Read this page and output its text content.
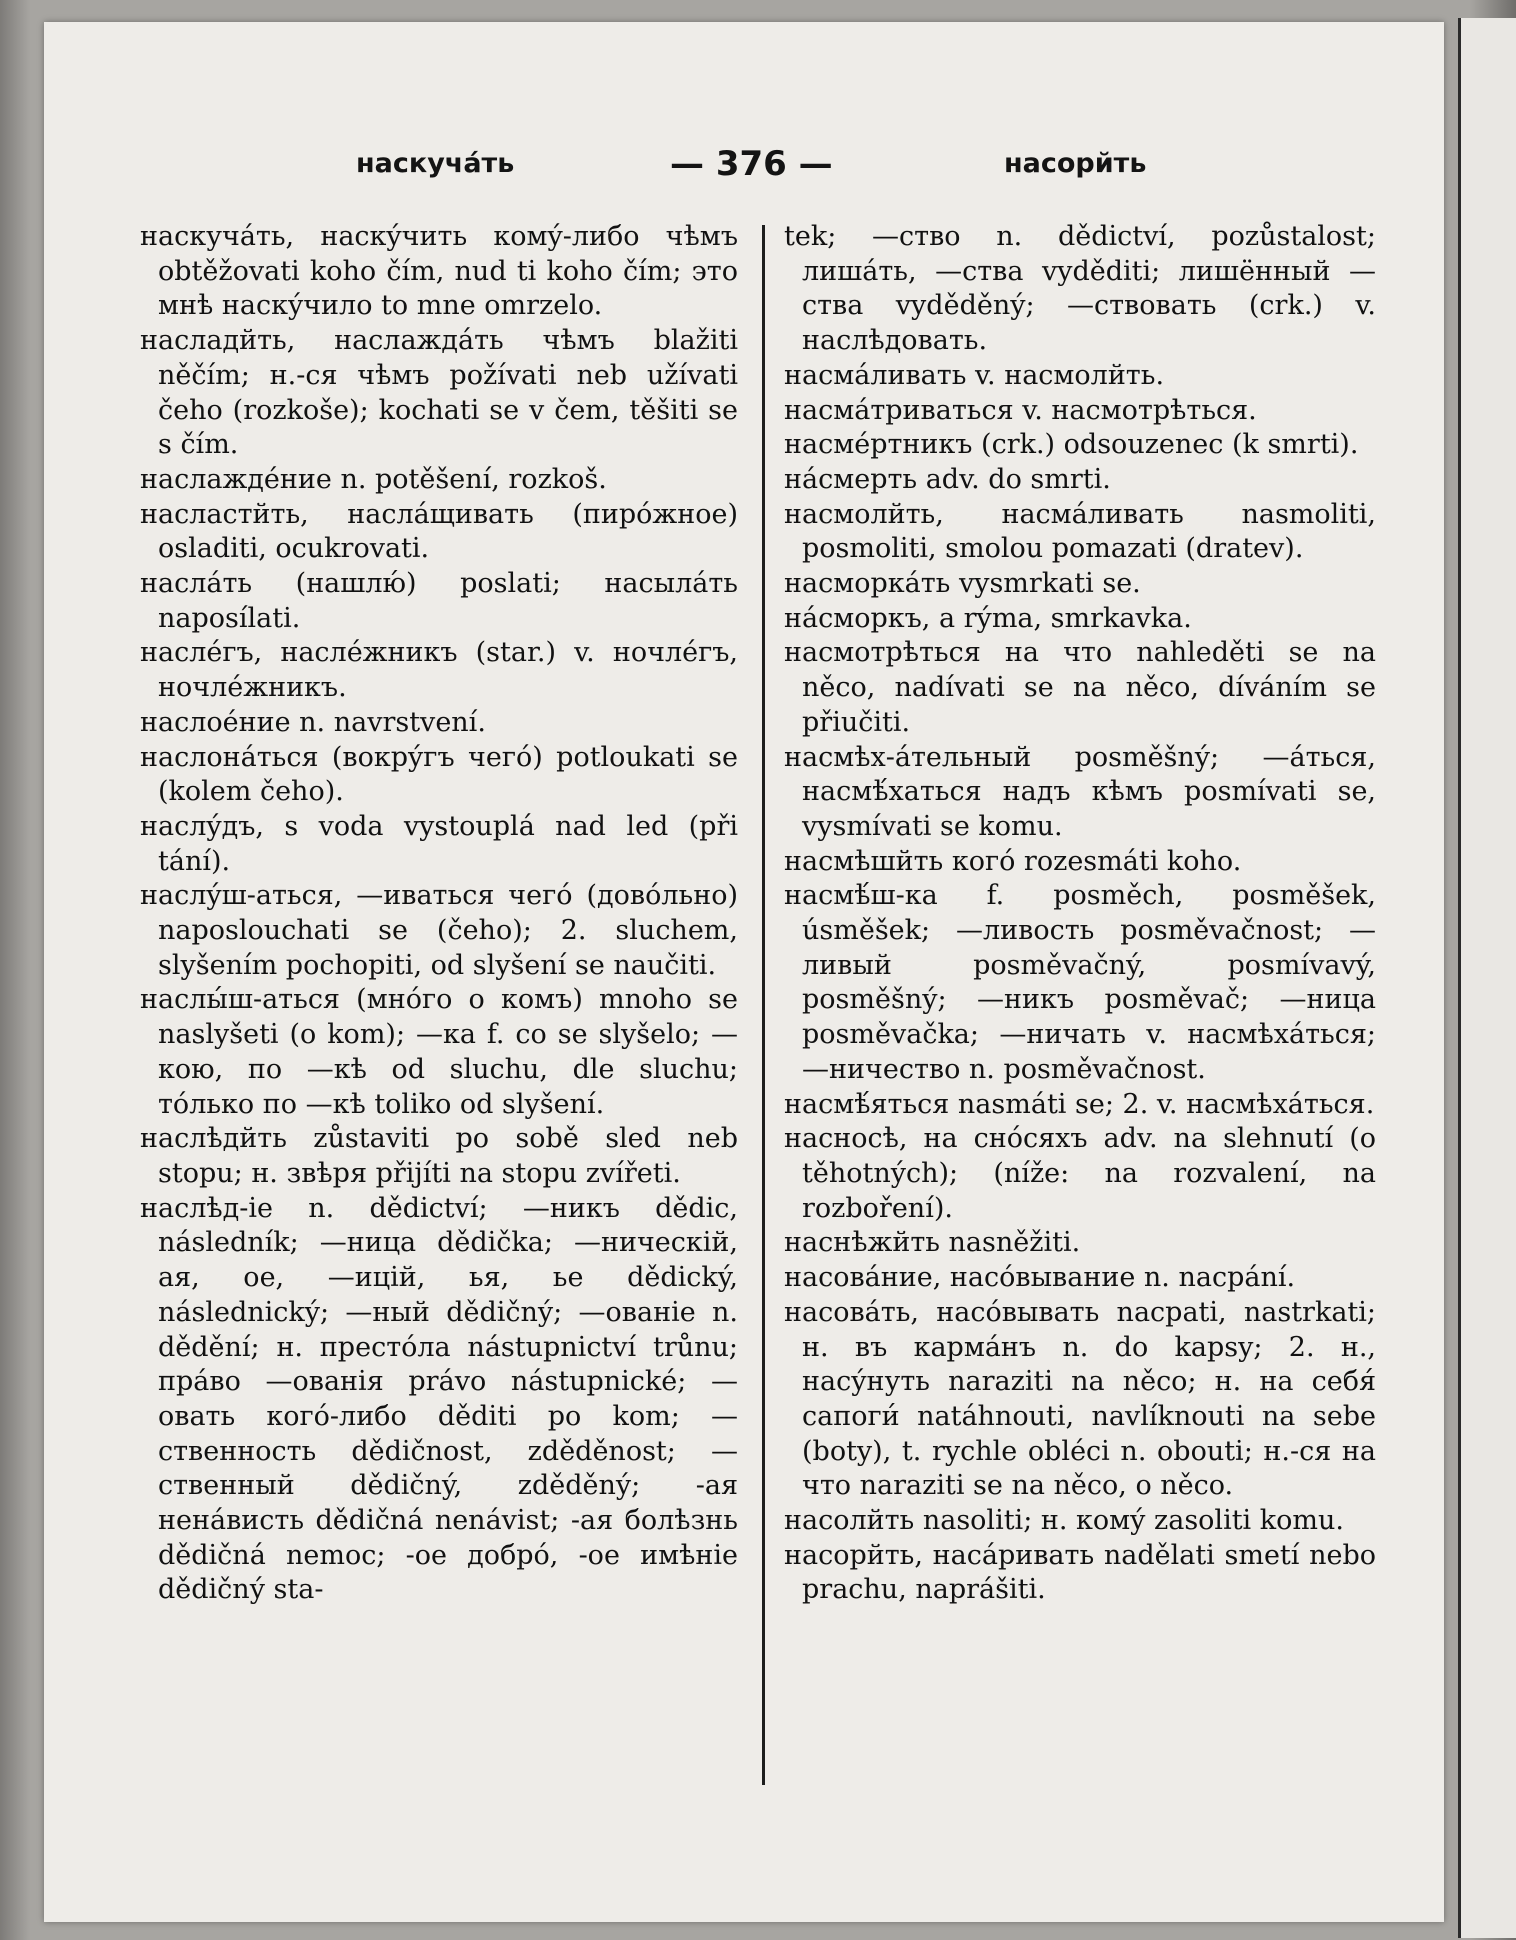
наскучáть	— 376 —	насорйть

наскучáть, наскýчить комý-либо чѣмъ obtěžovati koho čím, nud ti koho čím; это мнѣ наскýчило to mne omrzelo.

насладйть, наслаждáть чѣмъ blažiti něčím; н.-ся чѣмъ požívati neb užívati čeho (rozkoše); kochati se v čem, těšiti se s čím.

наслаждéние n. potěšení, rozkoš.

насластйть, наслáщивать (пирóжное) osladiti, ocukrovati.

наслáть (нашлю́) poslati; насылáть naposílati.

наслéгъ, наслéжникъ (star.) v. ночлéгъ, ночлéжникъ.

наслоéние n. navrstvení.

наслонáться (вокрýгъ чегó) potloukati se (kolem čeho).

наслýдъ, s voda vystouplá nad led (při tání).

наслýш-аться, —иваться чегó (довóльно) naposlouchati se (čeho); 2. sluchem, slyšením pochopiti, od slyšení se naučiti.

наслы́ш-аться (мнóго о комъ) mnoho se naslyšeti (o kom); —ка f. co se slyšelo; —кою, по —кѣ od sluchu, dle sluchu; тóлько по —кѣ toliko od slyšení.

наслѣдйть zůstaviti po sobě sled neb stopu; н. звѣря přijíti na stopu zvířeti.

наслѣд-ie n. dědictví; —никъ dědic, následník; —ница dědička; —ничеcкiй, ая, ое, —ицiй, ья, ье dědický, následnický; —ный dědičný; —ованie n. dědění; н. престóла nástupnictví trůnu; прáво —ованiя právo nástupnické; —овать когó-либо děditi po kom; —ственность dědičnost, zděděnost; —ственный dědičný, zděděný; -ая ненáвисть dědičná nenávist; -ая болѣзнь dědičná nemoc; -ое добрó, -ое имѣнie dědičný sta-

tek; —ство n. dědictví, pozůstalost; лишáть, —ства vyděditi; лишённый —ства vyděděný; —ствовать (crk.) v. наслѣдовать.

насмáливать v. насмолйть.

насмáтриваться v. насмотрѣться.

насмéртникъ (crk.) odsouzenec (k smrti).

нáсмерть adv. do smrti.

насмолйть, насмáливать nasmoliti, posmoliti, smolou pomazati (dratev).

насморкáть vysmrkati se.

нáсморкъ, a rýma, smrkavka.

насмотрѣться на что nahleděti se na něco, nadívati se na něco, díváním se přiučiti.

насмѣх-áтельный posměšný; —áться, насмѣ́хаться надъ кѣмъ posmívati se, vysmívati se komu.

насмѣшйть когó rozesmáti koho.

насмѣ́ш-ка f. posměch, posměšek, úsměšek; —ливость posměvačnost; —ливый posměvačný, posmívavý, posměšný; —никъ posměvač; —ница posměvačka; —ничать v. насмѣхáться; —ничество n. posměvačnost.

насмѣ́яться nasmáti se; 2. v. насмѣхáться.

насносѣ, на снóсяхъ adv. na slehnutí (o těhotných); (níže: na rozvalení, na rozboření).

наснѣжйть nasněžiti.

насовáние, насóвывание n. nacpání.

насовáть, насóвывать nacpati, nastrkati; н. въ кармáнъ n. do kapsy; 2. н., насýнуть naraziti na něco; н. на себя́ сапоги́ natáhnouti, navlíknouti na sebe (boty), t. rychle obléci n. obouti; н.-ся на что naraziti se na něco, o něco.

насолйть nasoliti; н. комý zasoliti komu.

насорйть, насáривать nadělati smetí nebo prachu, naprášiti.
